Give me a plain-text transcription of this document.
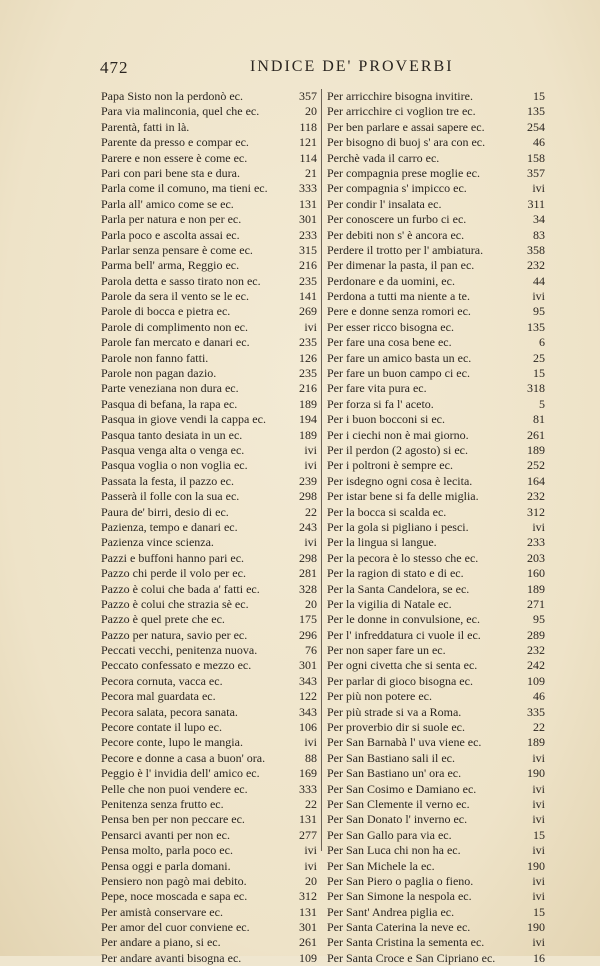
472	INDICE DE' PROVERBI
Papa Sisto non la perdonò ec.	357
Para via malinconia, quel che ec.	20
Parentà, fatti in là.	118
Parente da presso e compar ec.	121
Parere e non essere è come ec.	114
Pari con pari bene sta e dura.	21
Parla come il comuno, ma tieni ec.	333
Parla all' amico come se ec.	131
Parla per natura e non per ec.	301
Parla poco e ascolta assai ec.	233
Parlar senza pensare è come ec.	315
Parma bell' arma, Reggio ec.	216
Parola detta e sasso tirato non ec.	235
Parole da sera il vento se le ec.	141
Parole di bocca e pietra ec.	269
Parole di complimento non ec.	ivi
Parole fan mercato e danari ec.	235
Parole non fanno fatti.	126
Parole non pagan dazio.	235
Parte veneziana non dura ec.	216
Pasqua di befana, la rapa ec.	189
Pasqua in giove vendi la cappa ec.	194
Pasqua tanto desiata in un ec.	189
Pasqua venga alta o venga ec.	ivi
Pasqua voglia o non voglia ec.	ivi
Passata la festa, il pazzo ec.	239
Passerà il folle con la sua ec.	298
Paura de' birri, desio di ec.	22
Pazienza, tempo e danari ec.	243
Pazienza vince scienza.	ivi
Pazzi e buffoni hanno pari ec.	298
Pazzo chi perde il volo per ec.	281
Pazzo è colui che bada a' fatti ec.	328
Pazzo è colui che strazia sè ec.	20
Pazzo è quel prete che ec.	175
Pazzo per natura, savio per ec.	296
Peccati vecchi, penitenza nuova.	76
Peccato confessato e mezzo ec.	301
Pecora cornuta, vacca ec.	343
Pecora mal guardata ec.	122
Pecora salata, pecora sanata.	343
Pecore contate il lupo ec.	106
Pecore conte, lupo le mangia.	ivi
Pecore e donne a casa a buon' ora.	88
Peggio è l' invidia dell' amico ec.	169
Pelle che non puoi vendere ec.	333
Penitenza senza frutto ec.	22
Pensa ben per non peccare ec.	131
Pensarci avanti per non ec.	277
Pensa molto, parla poco ec.	ivi
Pensa oggi e parla domani.	ivi
Pensiero non pagò mai debito.	20
Pepe, noce moscada e sapa ec.	312
Per amistà conservare ec.	131
Per amor del cuor conviene ec.	301
Per andare a piano, si ec.	261
Per andare avanti bisogna ec.	109
Per arricchire bisogna invitire.	15
Per arricchire ci voglion tre ec.	135
Per ben parlare e assai sapere ec.	254
Per bisogno di buoj s' ara con ec.	46
Perchè vada il carro ec.	158
Per compagnia prese moglie ec.	357
Per compagnia s' impicco ec.	ivi
Per condir l' insalata ec.	311
Per conoscere un furbo ci ec.	34
Per debiti non s' è ancora ec.	83
Perdere il trotto per l' ambiatura.	358
Per dimenar la pasta, il pan ec.	232
Perdonare e da uomini, ec.	44
Perdona a tutti ma niente a te.	ivi
Pere e donne senza romori ec.	95
Per esser ricco bisogna ec.	135
Per fare una cosa bene ec.	6
Per fare un amico basta un ec.	25
Per fare un buon campo ci ec.	15
Per fare vita pura ec.	318
Per forza si fa l' aceto.	5
Per i buon bocconi si ec.	81
Per i ciechi non è mai giorno.	261
Per il perdon (2 agosto) si ec.	189
Per i poltroni è sempre ec.	252
Per isdegno ogni cosa è lecita.	164
Per istar bene si fa delle miglia.	232
Per la bocca si scalda ec.	312
Per la gola si pigliano i pesci.	ivi
Per la lingua si langue.	233
Per la pecora è lo stesso che ec.	203
Per la ragion di stato e di ec.	160
Per la Santa Candelora, se ec.	189
Per la vigilia di Natale ec.	271
Per le donne in convulsione, ec.	95
Per l' infreddatura ci vuole il ec.	289
Per non saper fare un ec.	232
Per ogni civetta che si senta ec.	242
Per parlar di gioco bisogna ec.	109
Per più non potere ec.	46
Per più strade si va a Roma.	335
Per proverbio dir si suole ec.	22
Per San Barnabà l' uva viene ec.	189
Per San Bastiano sali il ec.	ivi
Per San Bastiano un' ora ec.	190
Per San Cosimo e Damiano ec.	ivi
Per San Clemente il verno ec.	ivi
Per San Donato l' inverno ec.	ivi
Per San Gallo para via ec.	15
Per San Luca chi non ha ec.	ivi
Per San Michele la ec.	190
Per San Piero o paglia o fieno.	ivi
Per San Simone la nespola ec.	ivi
Per Sant' Andrea piglia ec.	15
Per Santa Caterina la neve ec.	190
Per Santa Cristina la sementa ec.	ivi
Per Santa Croce e San Cipriano ec.	16
